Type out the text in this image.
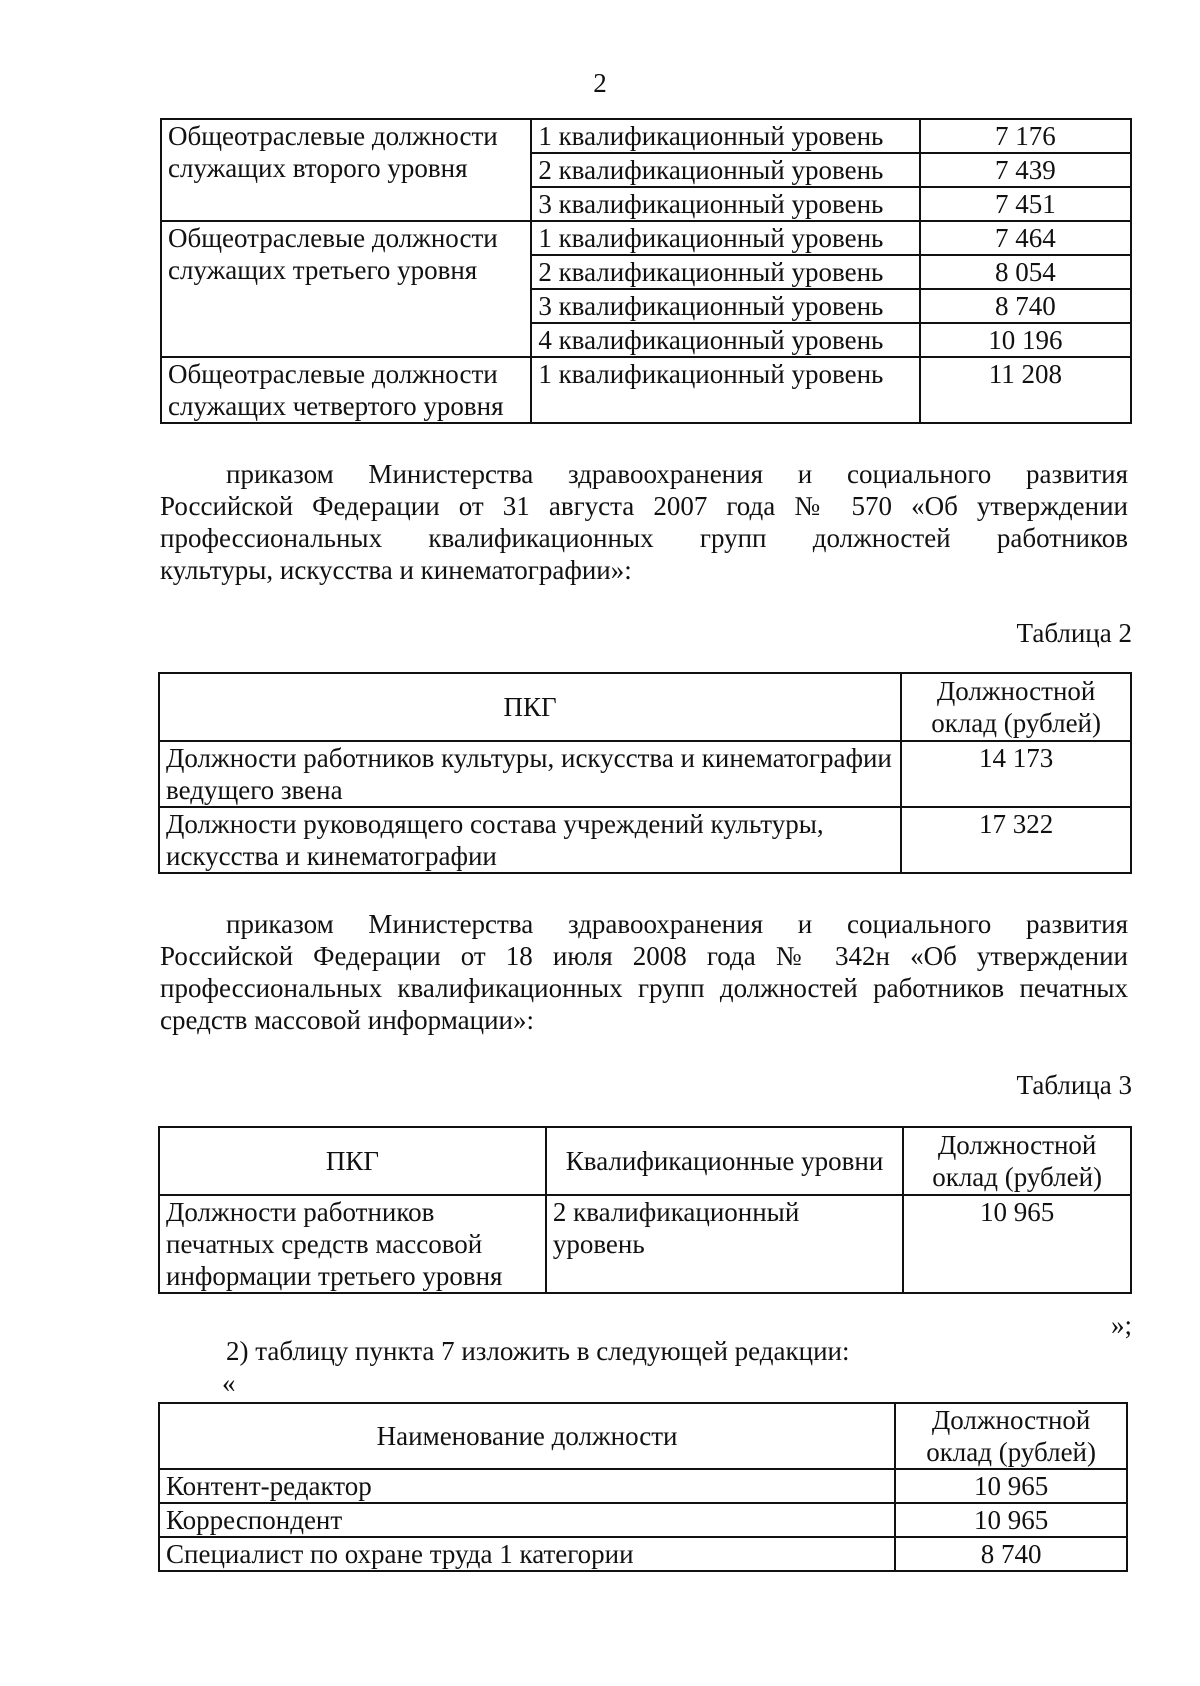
2
Общеотраслевые должности служащих второго уровня	1 квалификационный уровень	7 176
	2 квалификационный уровень	7 439
	3 квалификационный уровень	7 451
Общеотраслевые должности служащих третьего уровня	1 квалификационный уровень	7 464
	2 квалификационный уровень	8 054
	3 квалификационный уровень	8 740
	4 квалификационный уровень	10 196
Общеотраслевые должности служащих четвертого уровня	1 квалификационный уровень	11 208
приказом Министерства здравоохранения и социального развития
Российской Федерации от 31 августа 2007 года № 570 «Об утверждении
профессиональных квалификационных групп должностей работников
культуры, искусства и кинематографии»:
Таблица 2
ПКГ	Должностной оклад (рублей)
Должности работников культуры, искусства и кинематографии ведущего звена	14 173
Должности руководящего состава учреждений культуры, искусства и кинематографии	17 322
приказом Министерства здравоохранения и социального развития
Российской Федерации от 18 июля 2008 года № 342н «Об утверждении
профессиональных квалификационных групп должностей работников печатных
средств массовой информации»:
Таблица 3
ПКГ	Квалификационные уровни	Должностной оклад (рублей)
Должности работников печатных средств массовой информации третьего уровня	2 квалификационный уровень	10 965
»;
2) таблицу пункта 7 изложить в следующей редакции:
«
Наименование должности	Должностной оклад (рублей)
Контент-редактор	10 965
Корреспондент	10 965
Специалист по охране труда 1 категории	8 740
